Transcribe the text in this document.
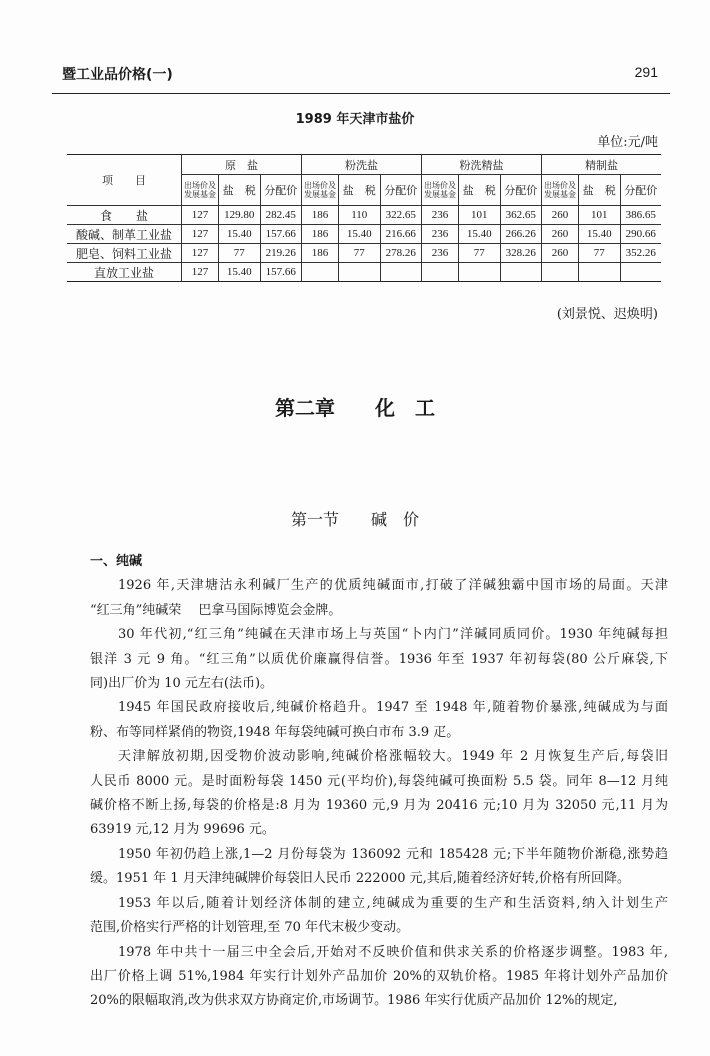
暨工业品价格(一)	291
1989 年天津市盐价
单位:元/吨
项　　目	原　盐			粉洗盐			粉洗精盐			精制盐		
	出场价及发展基金	盐　税	分配价	出场价及发展基金	盐　税	分配价	出场价及发展基金	盐　税	分配价	出场价及发展基金	盐　税	分配价
食　　盐	127	129.80	282.45	186	110	322.65	236	101	362.65	260	101	386.65
酸碱、制革工业盐	127	15.40	157.66	186	15.40	216.66	236	15.40	266.26	260	15.40	290.66
肥皂、饲料工业盐	127	77	219.26	186	77	278.26	236	77	328.26	260	77	352.26
直放工业盐	127	15.40	157.66									
(刘景悦、迟焕明)
第二章　　化　工
第一节　　碱　价
一、纯碱
1926 年,天津塘沽永利碱厂生产的优质纯碱面市,打破了洋碱独霸中国市场的局面。天津
“红三角”纯碱荣　 巴拿马国际博览会金牌。
30 年代初,“红三角”纯碱在天津市场上与英国“卜内门”洋碱同质同价。1930 年纯碱每担
银洋 3 元 9 角。“红三角”以质优价廉赢得信誉。1936 年至 1937 年初每袋(80 公斤麻袋,下
同)出厂价为 10 元左右(法币)。
1945 年国民政府接收后,纯碱价格趋升。1947 至 1948 年,随着物价暴涨,纯碱成为与面
粉、布等同样紧俏的物资,1948 年每袋纯碱可换白市布 3.9 疋。
天津解放初期,因受物价波动影响,纯碱价格涨幅较大。1949 年 2 月恢复生产后,每袋旧
人民币 8000 元。是时面粉每袋 1450 元(平均价),每袋纯碱可换面粉 5.5 袋。同年 8—12 月纯
碱价格不断上扬,每袋的价格是:8 月为 19360 元,9 月为 20416 元;10 月为 32050 元,11 月为
63919 元,12 月为 99696 元。
1950 年初仍趋上涨,1—2 月份每袋为 136092 元和 185428 元;下半年随物价渐稳,涨势趋
缓。1951 年 1 月天津纯碱牌价每袋旧人民币 222000 元,其后,随着经济好转,价格有所回降。
1953 年以后,随着计划经济体制的建立,纯碱成为重要的生产和生活资料,纳入计划生产
范围,价格实行严格的计划管理,至 70 年代末极少变动。
1978 年中共十一届三中全会后,开始对不反映价值和供求关系的价格逐步调整。1983 年,
出厂价格上调 51%,1984 年实行计划外产品加价 20%的双轨价格。1985 年将计划外产品加价
20%的限幅取消,改为供求双方协商定价,市场调节。1986 年实行优质产品加价 12%的规定,
